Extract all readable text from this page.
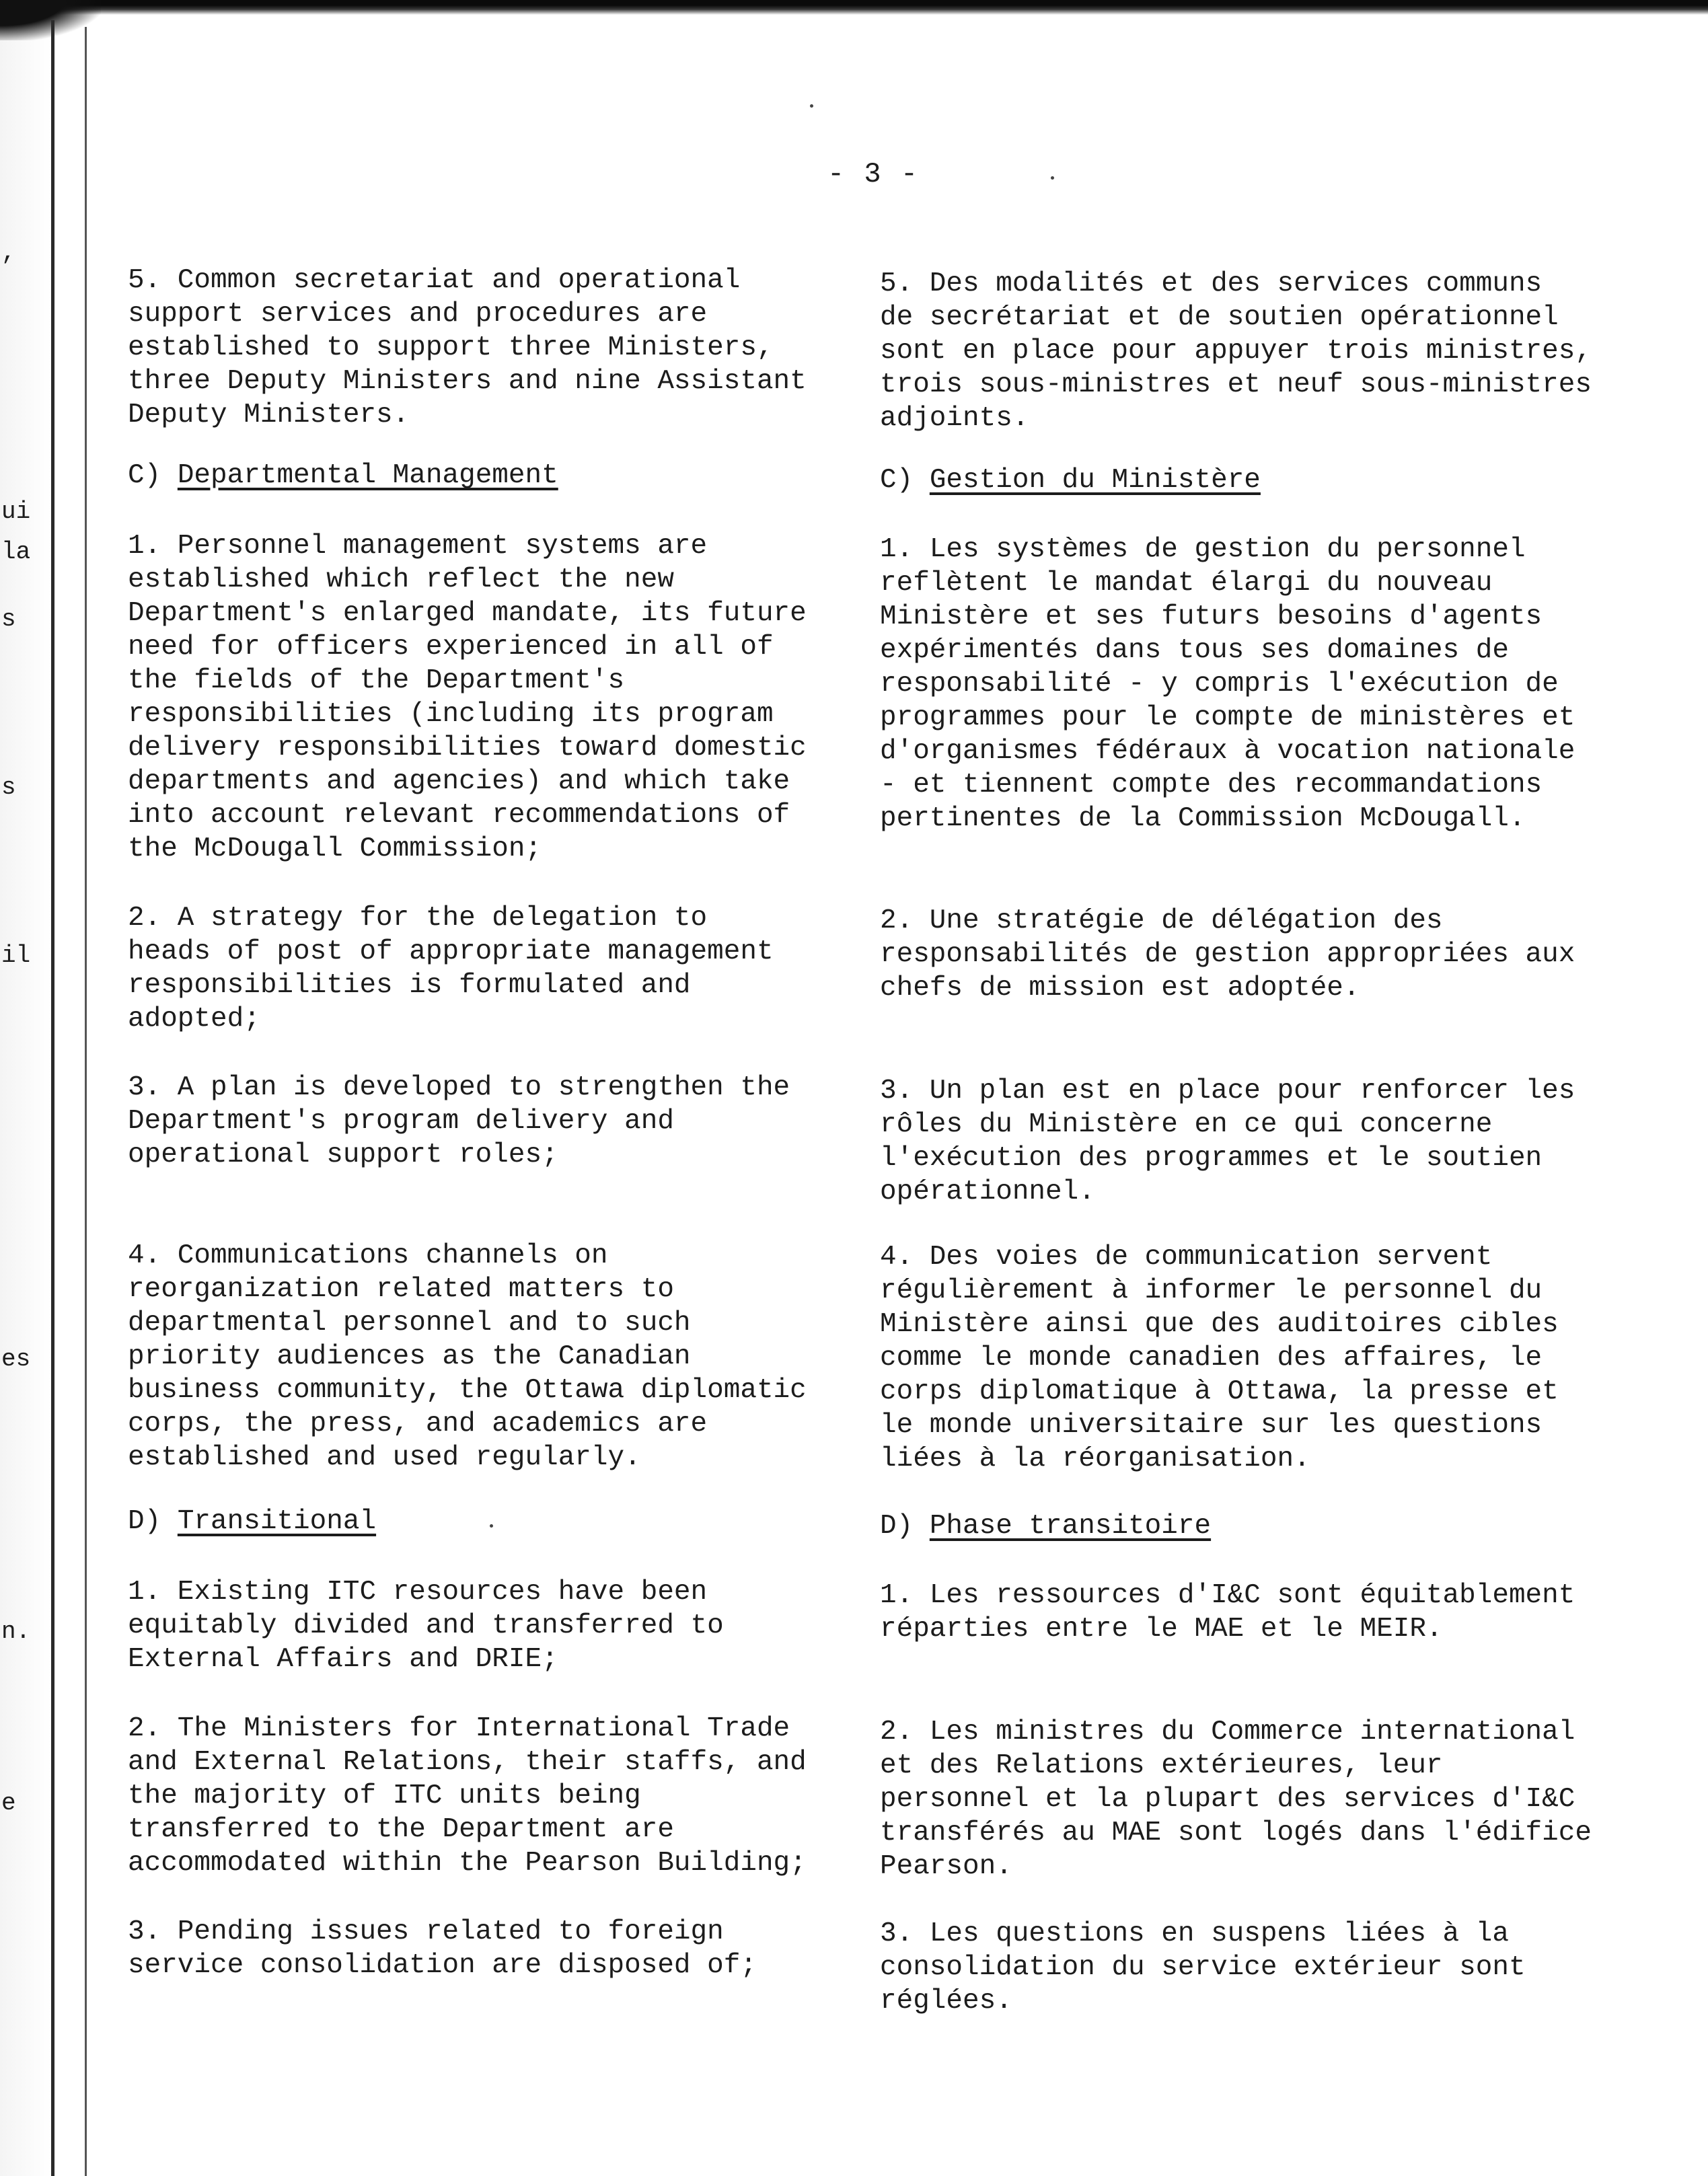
,
ui
la
s
s
il
es
n.
e
- 3 -
5. Common secretariat and operational
support services and procedures are
established to support three Ministers,
three Deputy Ministers and nine Assistant
Deputy Ministers.
C) Departmental Management
1. Personnel management systems are
established which reflect the new
Department's enlarged mandate, its future
need for officers experienced in all of
the fields of the Department's
responsibilities (including its program
delivery responsibilities toward domestic
departments and agencies) and which take
into account relevant recommendations of
the McDougall Commission;
2. A strategy for the delegation to
heads of post of appropriate management
responsibilities is formulated and
adopted;
3. A plan is developed to strengthen the
Department's program delivery and
operational support roles;
4. Communications channels on
reorganization related matters to
departmental personnel and to such
priority audiences as the Canadian
business community, the Ottawa diplomatic
corps, the press, and academics are
established and used regularly.
D) Transitional
1. Existing ITC resources have been
equitably divided and transferred to
External Affairs and DRIE;
2. The Ministers for International Trade
and External Relations, their staffs, and
the majority of ITC units being
transferred to the Department are
accommodated within the Pearson Building;
3. Pending issues related to foreign
service consolidation are disposed of;
5. Des modalités et des services communs
de secrétariat et de soutien opérationnel
sont en place pour appuyer trois ministres,
trois sous-ministres et neuf sous-ministres
adjoints.
C) Gestion du Ministère
1. Les systèmes de gestion du personnel
reflètent le mandat élargi du nouveau
Ministère et ses futurs besoins d'agents
expérimentés dans tous ses domaines de
responsabilité - y compris l'exécution de
programmes pour le compte de ministères et
d'organismes fédéraux à vocation nationale
- et tiennent compte des recommandations
pertinentes de la Commission McDougall.
2. Une stratégie de délégation des
responsabilités de gestion appropriées aux
chefs de mission est adoptée.
3. Un plan est en place pour renforcer les
rôles du Ministère en ce qui concerne
l'exécution des programmes et le soutien
opérationnel.
4. Des voies de communication servent
régulièrement à informer le personnel du
Ministère ainsi que des auditoires cibles
comme le monde canadien des affaires, le
corps diplomatique à Ottawa, la presse et
le monde universitaire sur les questions
liées à la réorganisation.
D) Phase transitoire
1. Les ressources d'I&C sont équitablement
réparties entre le MAE et le MEIR.
2. Les ministres du Commerce international
et des Relations extérieures, leur
personnel et la plupart des services d'I&C
transférés au MAE sont logés dans l'édifice
Pearson.
3. Les questions en suspens liées à la
consolidation du service extérieur sont
réglées.
